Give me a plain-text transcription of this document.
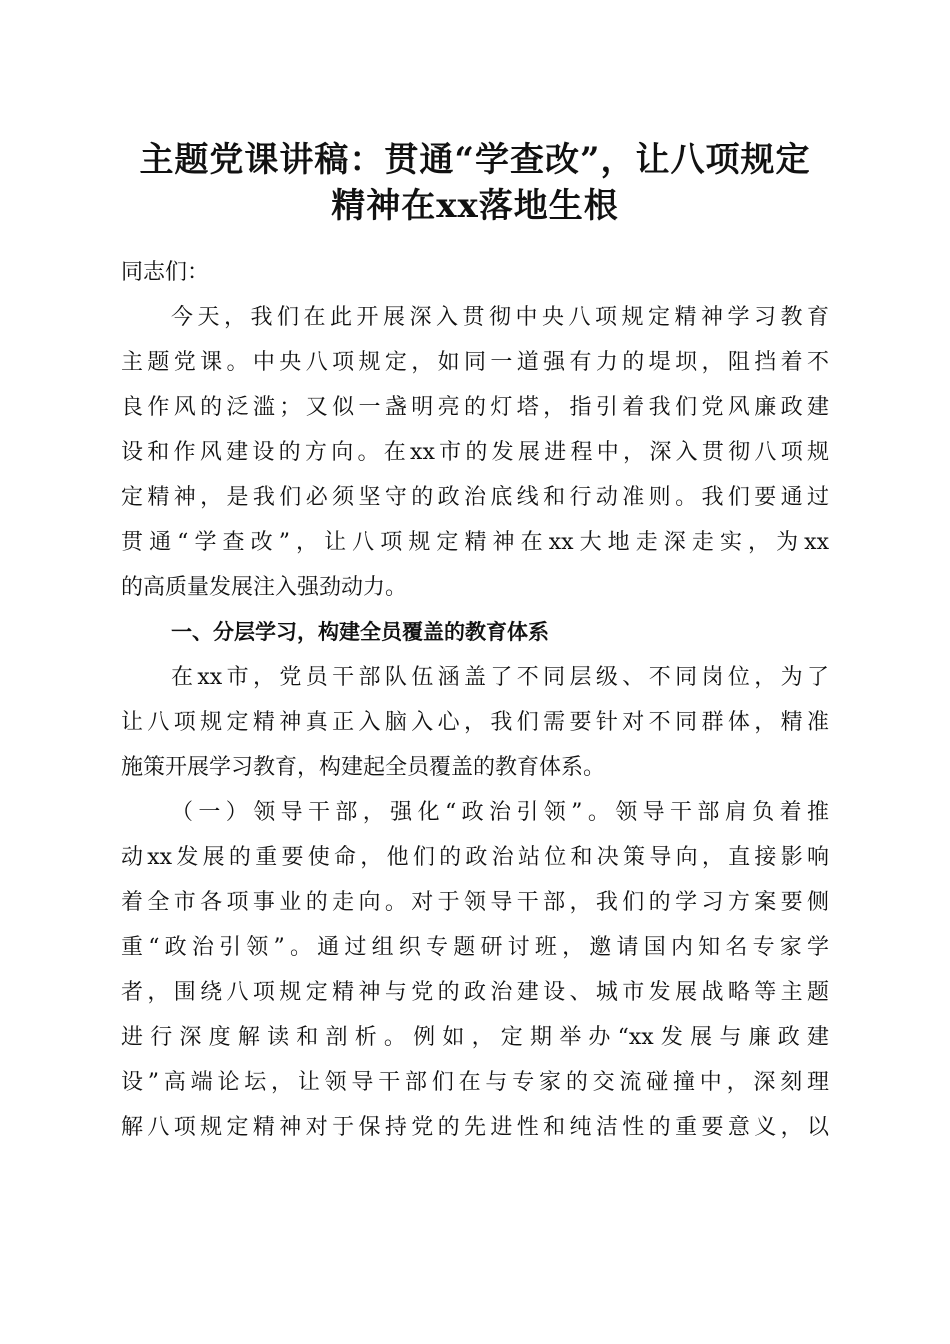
主题党课讲稿：贯通“学查改”，让八项规定
精神在xx落地生根
同志们：
今天，我们在此开展深入贯彻中央八项规定精神学习教育
主题党课。中央八项规定，如同一道强有力的堤坝，阻挡着不
良作风的泛滥；又似一盏明亮的灯塔，指引着我们党风廉政建
设和作风建设的方向。在xx市的发展进程中，深入贯彻八项规
定精神，是我们必须坚守的政治底线和行动准则。我们要通过
贯通“学查改”，让八项规定精神在xx大地走深走实，为xx
的高质量发展注入强劲动力。
一、分层学习，构建全员覆盖的教育体系
在xx市，党员干部队伍涵盖了不同层级、不同岗位，为了
让八项规定精神真正入脑入心，我们需要针对不同群体，精准
施策开展学习教育，构建起全员覆盖的教育体系。
（一）领导干部，强化“政治引领”。领导干部肩负着推
动xx发展的重要使命，他们的政治站位和决策导向，直接影响
着全市各项事业的走向。对于领导干部，我们的学习方案要侧
重“政治引领”。通过组织专题研讨班，邀请国内知名专家学
者，围绕八项规定精神与党的政治建设、城市发展战略等主题
进行深度解读和剖析。例如，定期举办“xx发展与廉政建
设”高端论坛，让领导干部们在与专家的交流碰撞中，深刻理
解八项规定精神对于保持党的先进性和纯洁性的重要意义，以
